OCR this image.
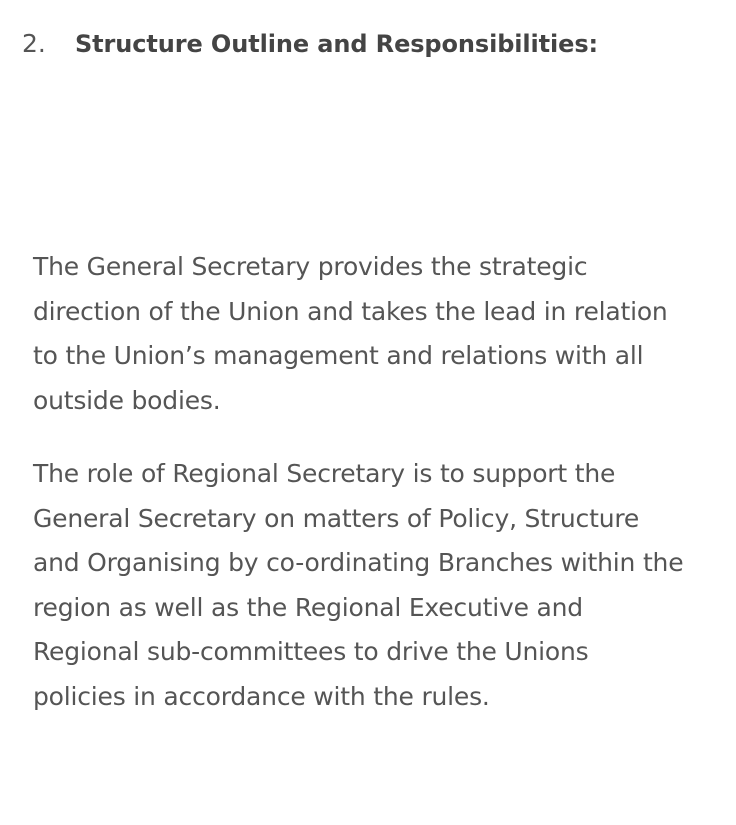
2. Structure Outline and Responsibilities:

The General Secretary provides the strategic
direction of the Union and takes the lead in relation
to the Union’s management and relations with all
outside bodies.

The role of Regional Secretary is to support the
General Secretary on matters of Policy, Structure
and Organising by co-ordinating Branches within the
region as well as the Regional Executive and
Regional sub-committees to drive the Unions
policies in accordance with the rules.
